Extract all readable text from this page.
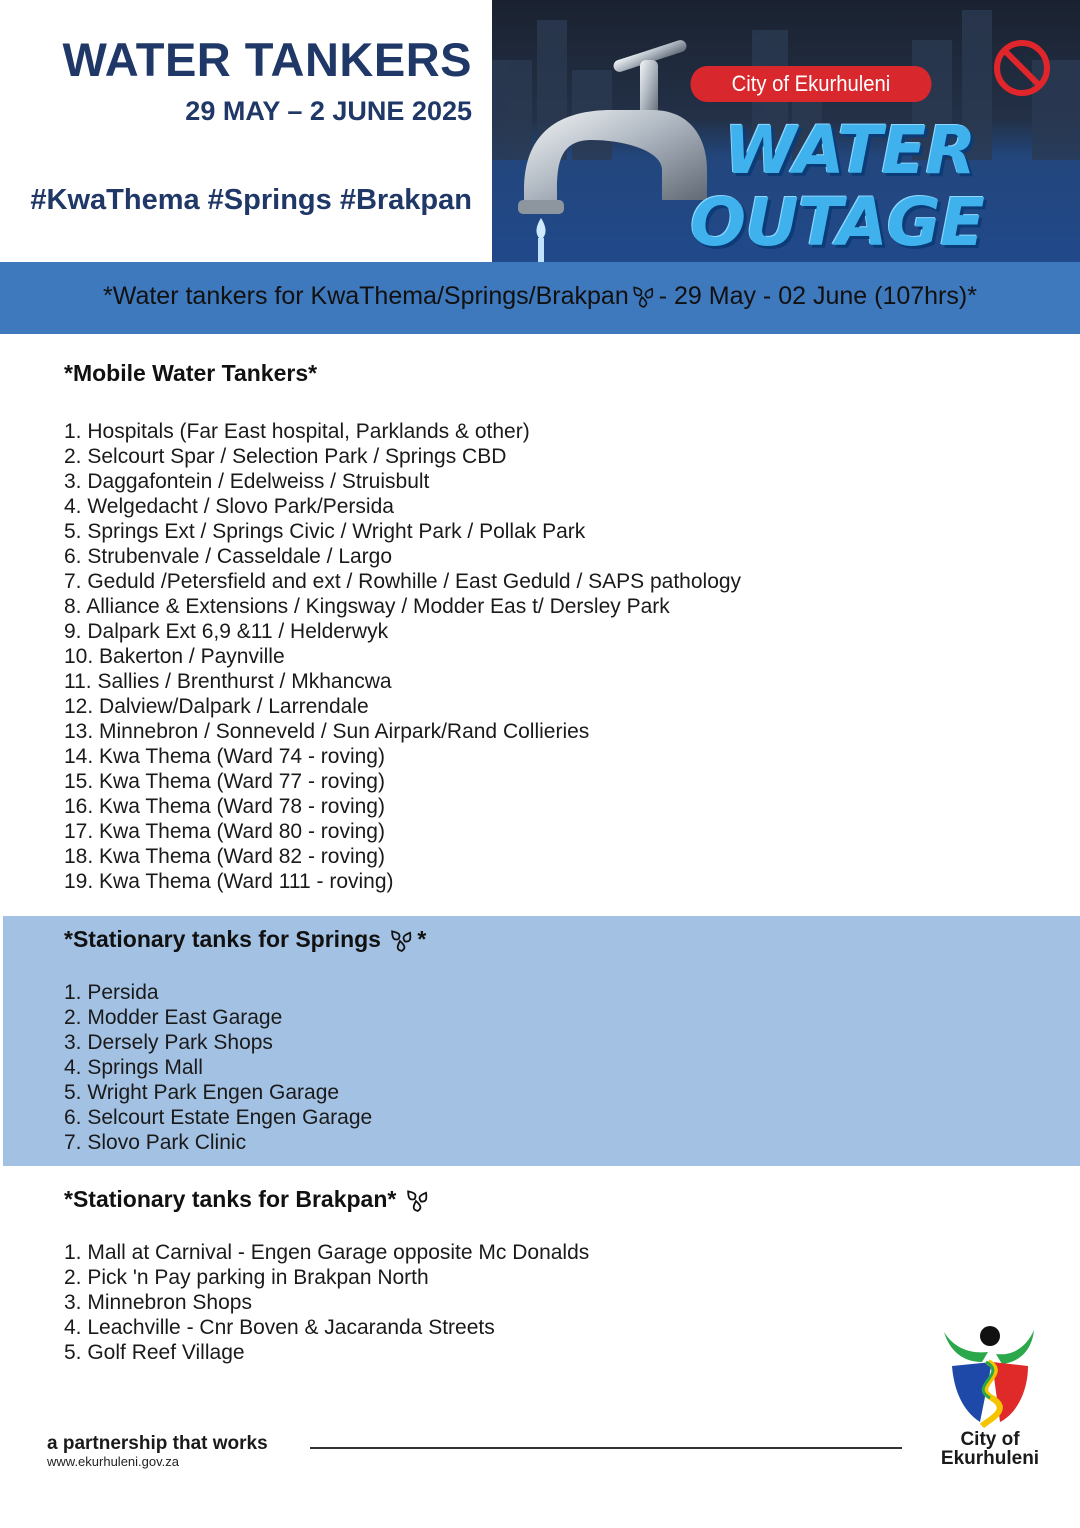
WATER TANKERS
29 MAY – 2 JUNE 2025
#KwaThema #Springs #Brakpan
City of Ekurhuleni
WATER
OUTAGE
*Water tankers for KwaThema/Springs/Brakpan - 29 May - 02 June (107hrs)*
*Mobile Water Tankers*
1. Hospitals (Far East hospital, Parklands & other)
2. Selcourt Spar / Selection Park / Springs CBD
3. Daggafontein / Edelweiss / Struisbult
4. Welgedacht / Slovo Park/Persida
5. Springs Ext / Springs Civic / Wright Park / Pollak Park
6. Strubenvale / Casseldale / Largo
7. Geduld /Petersfield and ext / Rowhille / East Geduld / SAPS pathology
8. Alliance & Extensions / Kingsway / Modder Eas t/ Dersley Park
9. Dalpark Ext 6,9 &11 / Helderwyk
10. Bakerton / Paynville
11. Sallies / Brenthurst / Mkhancwa
12. Dalview/Dalpark / Larrendale
13. Minnebron / Sonneveld / Sun Airpark/Rand Collieries
14. Kwa Thema (Ward 74 - roving)
15. Kwa Thema (Ward 77 - roving)
16. Kwa Thema (Ward 78 - roving)
17. Kwa Thema (Ward 80 - roving)
18. Kwa Thema (Ward 82 - roving)
19. Kwa Thema (Ward 111 - roving)
*Stationary tanks for Springs *
1. Persida
2. Modder East Garage
3. Dersely Park Shops
4. Springs Mall
5. Wright Park Engen Garage
6. Selcourt Estate Engen Garage
7. Slovo Park Clinic
*Stationary tanks for Brakpan*
1. Mall at Carnival - Engen Garage opposite Mc Donalds
2. Pick 'n Pay parking in Brakpan North
3. Minnebron Shops
4. Leachville - Cnr Boven & Jacaranda Streets
5. Golf Reef Village
a partnership that works
www.ekurhuleni.gov.za
City of
Ekurhuleni
